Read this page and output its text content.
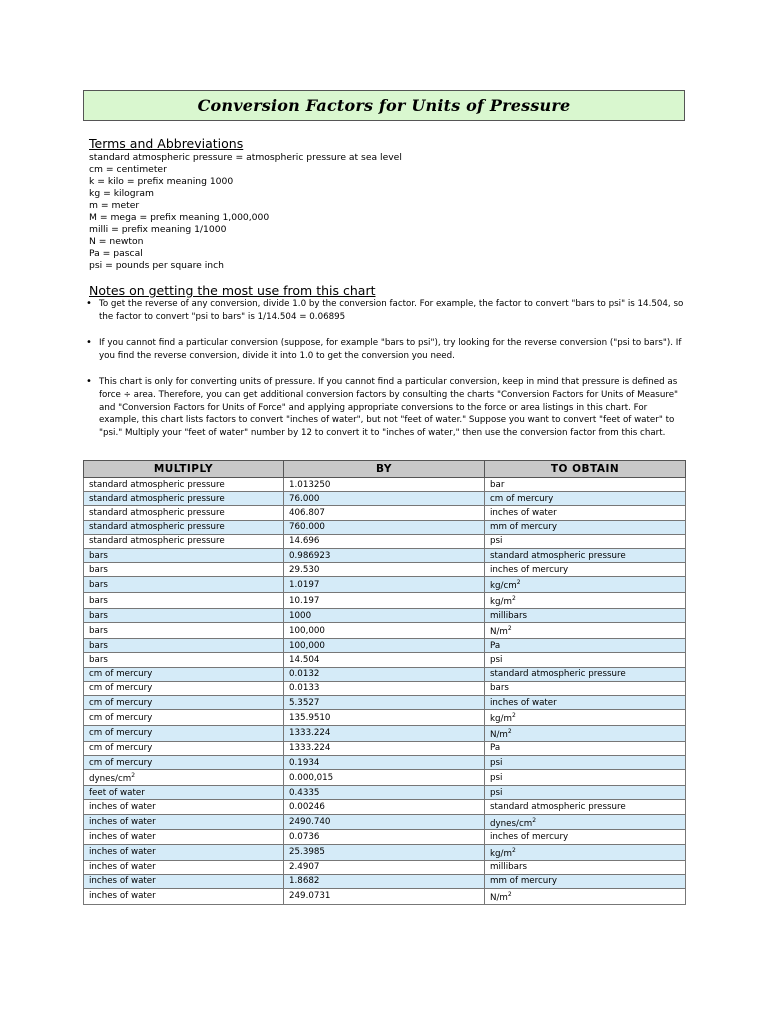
Conversion Factors for Units of Pressure
Terms and Abbreviations
standard atmospheric pressure = atmospheric pressure at sea level
cm = centimeter
k = kilo = prefix meaning 1000
kg = kilogram
m = meter
M = mega = prefix meaning 1,000,000
milli = prefix meaning 1/1000
N = newton
Pa = pascal
psi = pounds per square inch
Notes on getting the most use from this chart
• To get the reverse of any conversion, divide 1.0 by the conversion factor. For example, the factor to convert "bars to psi" is 14.504, so the factor to convert "psi to bars" is 1/14.504 = 0.06895
• If you cannot find a particular conversion (suppose, for example "bars to psi"), try looking for the reverse conversion ("psi to bars"). If you find the reverse conversion, divide it into 1.0 to get the conversion you need.
• This chart is only for converting units of pressure. If you cannot find a particular conversion, keep in mind that pressure is defined as force ÷ area. Therefore, you can get additional conversion factors by consulting the charts "Conversion Factors for Units of Measure" and "Conversion Factors for Units of Force" and applying appropriate conversions to the force or area listings in this chart. For example, this chart lists factors to convert "inches of water", but not "feet of water." Suppose you want to convert "feet of water" to "psi." Multiply your "feet of water" number by 12 to convert it to "inches of water," then use the conversion factor from this chart.
MULTIPLY	BY	TO OBTAIN
standard atmospheric pressure	1.013250	bar
standard atmospheric pressure	76.000	cm of mercury
standard atmospheric pressure	406.807	inches of water
standard atmospheric pressure	760.000	mm of mercury
standard atmospheric pressure	14.696	psi
bars	0.986923	standard atmospheric pressure
bars	29.530	inches of mercury
bars	1.0197	$kg/cm^2$
bars	10.197	$kg/m^2$
bars	1000	millibars
bars	100,000	$N/m^2$
bars	100,000	Pa
bars	14.504	psi
cm of mercury	0.0132	standard atmospheric pressure
cm of mercury	0.0133	bars
cm of mercury	5.3527	inches of water
cm of mercury	135.9510	$kg/m^2$
cm of mercury	1333.224	$N/m^2$
cm of mercury	1333.224	Pa
cm of mercury	0.1934	psi
dynes/$cm^2$	0.000,015	psi
feet of water	0.4335	psi
inches of water	0.00246	standard atmospheric pressure
inches of water	2490.740	dynes/$cm^2$
inches of water	0.0736	inches of mercury
inches of water	25.3985	$kg/m^2$
inches of water	2.4907	millibars
inches of water	1.8682	mm of mercury
inches of water	249.0731	$N/m^2$
